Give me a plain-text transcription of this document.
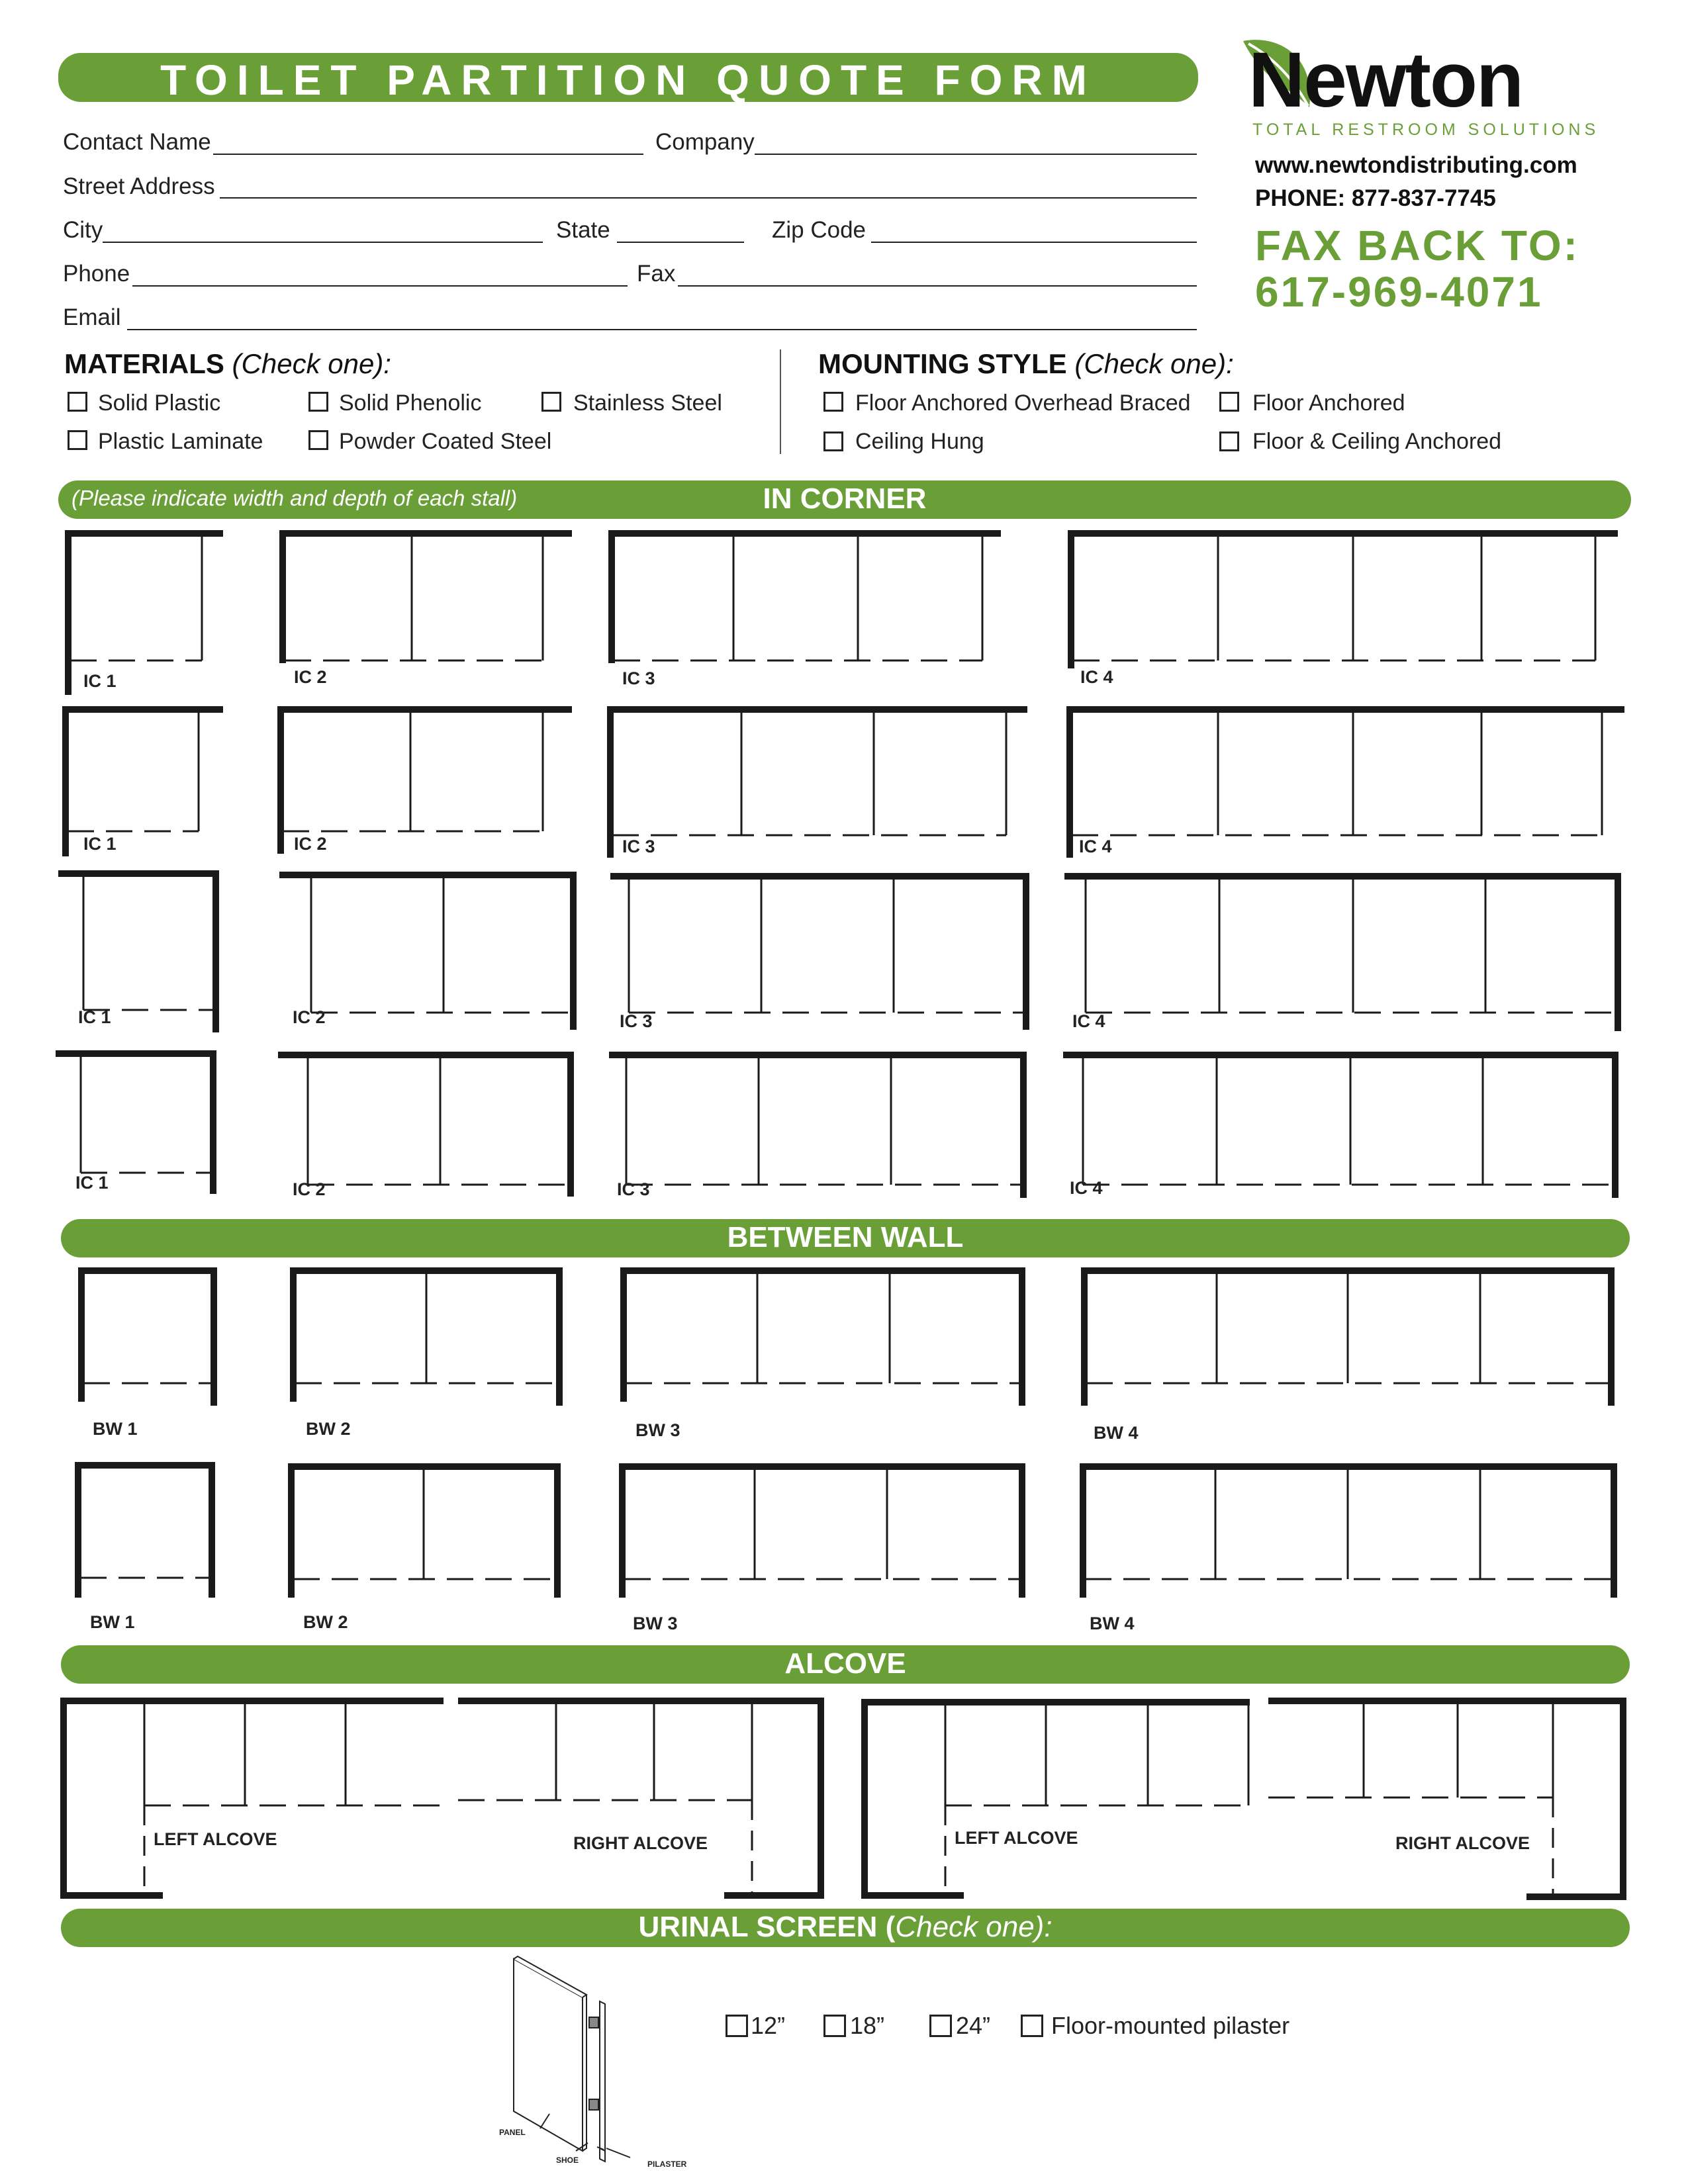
TOILET PARTITION QUOTE FORM	Newton
TOTAL RESTROOM SOLUTIONS
www.newtondistributing.com
PHONE: 877-837-7745
FAX BACK TO:
617-969-4071
Contact Name	Company
Street Address
City	State	Zip Code
Phone	Fax
Email
MATERIALS (Check one):	MOUNTING STYLE (Check one):
Solid Plastic	Solid Phenolic	Stainless Steel
Plastic Laminate	Powder Coated Steel
Floor Anchored Overhead Braced	Floor Anchored
Ceiling Hung	Floor & Ceiling Anchored
(Please indicate width and depth of each stall)	IN CORNER
IC 1	IC 2	IC 3	IC 4
IC 1	IC 2	IC 3	IC 4
IC 1	IC 2	IC 3	IC 4
IC 1	IC 2	IC 3	IC 4
BW 1	BW 2	BW 3	BW 4
BW 1	BW 2	BW 3	BW 4
LEFT ALCOVE	RIGHT ALCOVE	LEFT ALCOVE	RIGHT ALCOVE
BETWEEN WALL
ALCOVE
URINAL SCREEN (Check one):
PANEL
SHOE	PILASTER
12”	18”	24”	Floor-mounted pilaster
